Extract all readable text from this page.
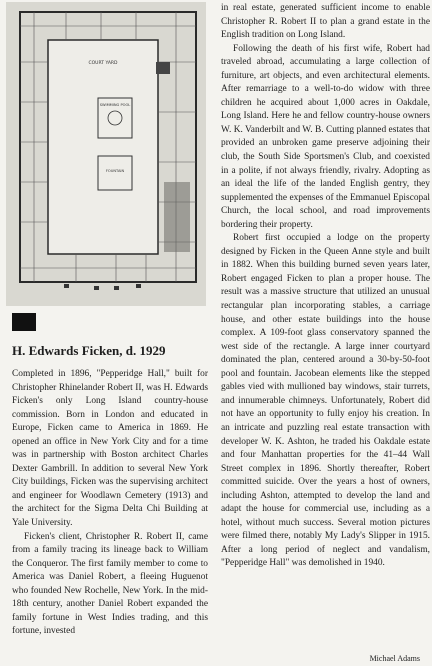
COURT YARD
SWIMMING POOL
FOUNTAIN
H. Edwards Ficken, d. 1929

Completed in 1896, "Pepperidge Hall," built for Christopher Rhinelander Robert II, was H. Edwards Ficken's only Long Island country-house commission. Born in London and educated in Europe, Ficken came to America in 1869. He opened an office in New York City and for a time was in partnership with Boston architect Charles Dexter Gambrill. In addition to several New York City buildings, Ficken was the supervising architect and engineer for Woodlawn Cemetery (1913) and the architect for the Sigma Delta Chi Building at Yale University.

Ficken's client, Christopher R. Robert II, came from a family tracing its lineage back to William the Conqueror. The first family member to come to America was Daniel Robert, a fleeing Huguenot who founded New Rochelle, New York. In the mid-18th century, another Daniel Robert expanded the family fortune in West Indies trading, and this fortune, invested

in real estate, generated sufficient income to enable Christopher R. Robert II to plan a grand estate in the English tradition on Long Island.

Following the death of his first wife, Robert had traveled abroad, accumulating a large collection of furniture, art objects, and even architectural elements. After remarriage to a well-to-do widow with three children he acquired about 1,000 acres in Oakdale, Long Island. Here he and fellow country-house owners W. K. Vanderbilt and W. B. Cutting planned estates that provided an unbroken game preserve adjoining their club, the South Side Sportsmen's Club, and coexisted in a polite, if not always friendly, rivalry. Adopting as an ideal the life of the landed English gentry, they supplemented the expenses of the Emmanuel Episcopal Church, the local school, and road improvements bordering their property.

Robert first occupied a lodge on the property designed by Ficken in the Queen Anne style and built in 1882. When this building burned seven years later, Robert engaged Ficken to plan a proper house. The result was a massive structure that utilized an unusual rectangular plan incorporating stables, a carriage house, and other estate buildings into the house complex. A 109-foot glass conservatory spanned the west side of the rectangle. A large inner courtyard dominated the plan, centered around a 30-by-50-foot pool and fountain. Jacobean elements like the stepped gables vied with mullioned bay windows, stair turrets, and innumerable chimneys. Unfortunately, Robert did not have an opportunity to fully enjoy his creation. In an intricate and puzzling real estate transaction with developer W. K. Ashton, he traded his Oakdale estate and four Manhattan properties for the 41–44 Wall Street complex in 1896. Shortly thereafter, Robert committed suicide. Over the years a host of owners, including Ashton, attempted to develop the land and adapt the house for commercial use, including as a hotel, without much success. Several motion pictures were filmed there, notably My Lady's Slipper in 1915. After a long period of neglect and vandalism, "Pepperidge Hall" was demolished in 1940.

Michael Adams
